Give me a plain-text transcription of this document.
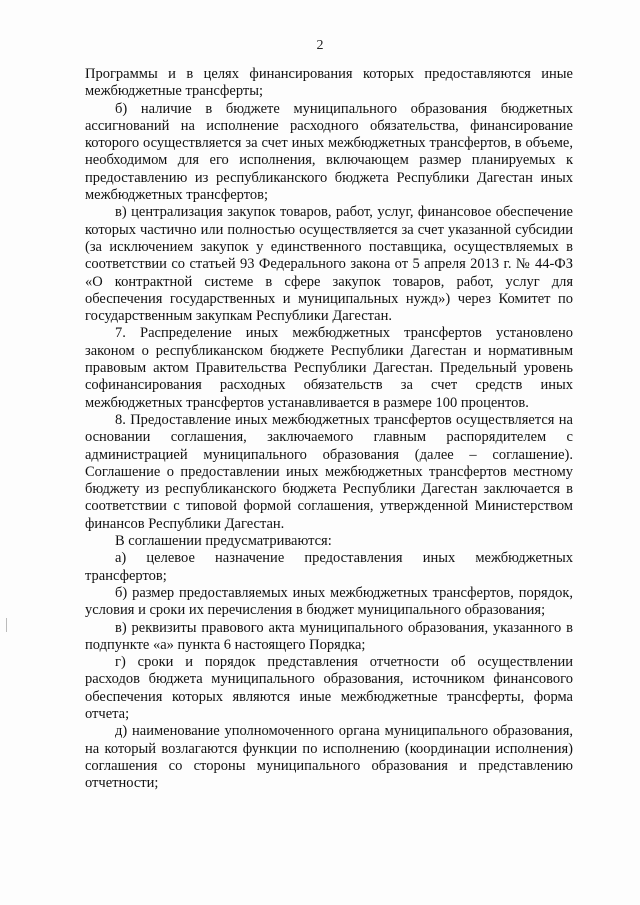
2

Программы и в целях финансирования которых предоставляются иные межбюджетные трансферты;

б) наличие в бюджете муниципального образования бюджетных ассигнований на исполнение расходного обязательства, финансирование которого осуществляется за счет иных межбюджетных трансфертов, в объеме, необходимом для его исполнения, включающем размер планируемых к предоставлению из республиканского бюджета Республики Дагестан иных межбюджетных трансфертов;

в) централизация закупок товаров, работ, услуг, финансовое обеспечение которых частично или полностью осуществляется за счет указанной субсидии (за исключением закупок у единственного поставщика, осуществляемых в соответствии со статьей 93 Федерального закона от 5 апреля 2013 г. № 44-ФЗ «О контрактной системе в сфере закупок товаров, работ, услуг для обеспечения государственных и муниципальных нужд») через Комитет по государственным закупкам Республики Дагестан.

7. Распределение иных межбюджетных трансфертов установлено законом о республиканском бюджете Республики Дагестан и нормативным правовым актом Правительства Республики Дагестан. Предельный уровень софинансирования расходных обязательств за счет средств иных межбюджетных трансфертов устанавливается в размере 100 процентов.

8. Предоставление иных межбюджетных трансфертов осуществляется на основании соглашения, заключаемого главным распорядителем с администрацией муниципального образования (далее – соглашение). Соглашение о предоставлении иных межбюджетных трансфертов местному бюджету из республиканского бюджета Республики Дагестан заключается в соответствии с типовой формой соглашения, утвержденной Министерством финансов Республики Дагестан.

В соглашении предусматриваются:

а) целевое назначение предоставления иных межбюджетных трансфертов;

б) размер предоставляемых иных межбюджетных трансфертов, порядок, условия и сроки их перечисления в бюджет муниципального образования;

в) реквизиты правового акта муниципального образования, указанного в подпункте «а» пункта 6 настоящего Порядка;

г) сроки и порядок представления отчетности об осуществлении расходов бюджета муниципального образования, источником финансового обеспечения которых являются иные межбюджетные трансферты, форма отчета;

д) наименование уполномоченного органа муниципального образования, на который возлагаются функции по исполнению (координации исполнения) соглашения со стороны муниципального образования и представлению отчетности;
